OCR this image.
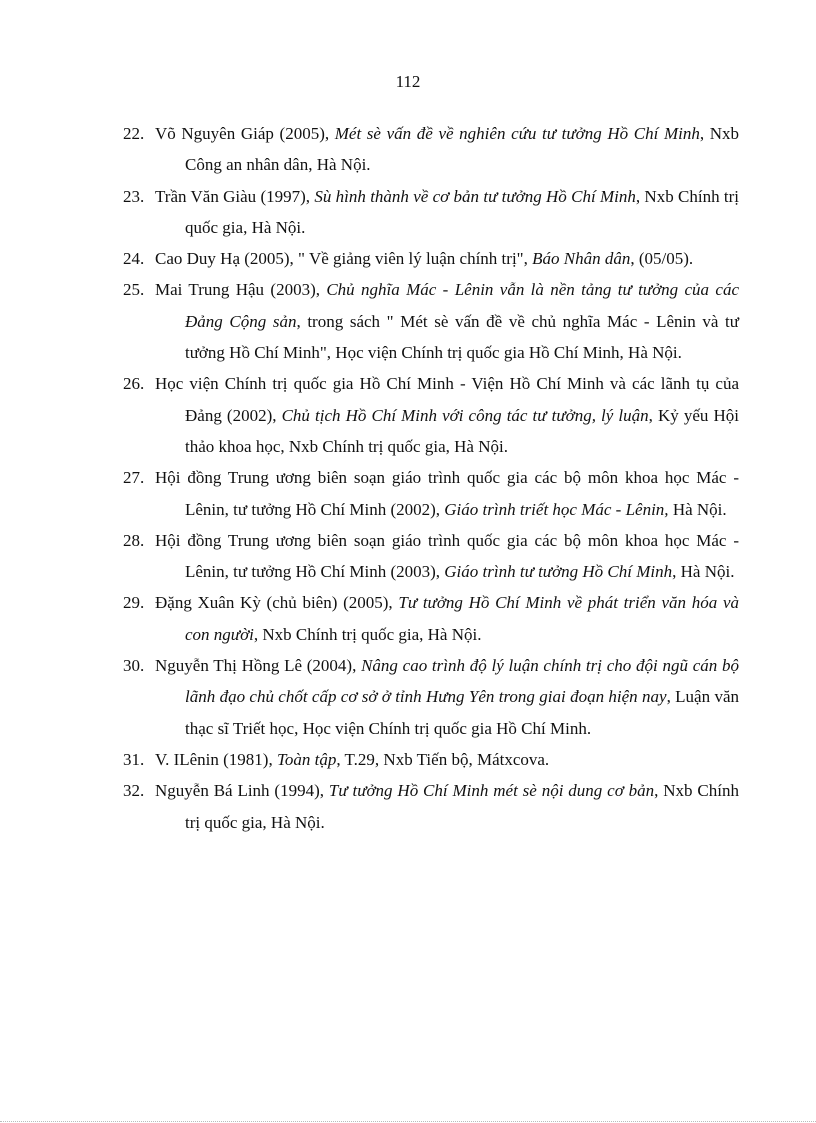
112
22. Võ Nguyên Giáp (2005), Mét sè vấn đề về nghiên cứu tư tưởng Hồ Chí Minh, Nxb Công an nhân dân, Hà Nội.
23. Trần Văn Giàu (1997), Sù hình thành về cơ bản tư tưởng Hồ Chí Minh, Nxb Chính trị quốc gia, Hà Nội.
24. Cao Duy Hạ (2005), " Về giảng viên lý luận chính trị", Báo Nhân dân, (05/05).
25. Mai Trung Hậu (2003), Chủ nghĩa Mác - Lênin vẫn là nền tảng tư tưởng của các Đảng Cộng sản, trong sách " Mét sè vấn đề về chủ nghĩa Mác - Lênin và tư tưởng Hồ Chí Minh", Học viện Chính trị quốc gia Hồ Chí Minh, Hà Nội.
26. Học viện Chính trị quốc gia Hồ Chí Minh - Viện Hồ Chí Minh và các lãnh tụ của Đảng (2002), Chủ tịch Hồ Chí Minh với công tác tư tưởng, lý luận, Kỷ yếu Hội thảo khoa học, Nxb Chính trị quốc gia, Hà Nội.
27. Hội đồng Trung ương biên soạn giáo trình quốc gia các bộ môn khoa học Mác - Lênin, tư tưởng Hồ Chí Minh (2002), Giáo trình triết học Mác - Lênin, Hà Nội.
28. Hội đồng Trung ương biên soạn giáo trình quốc gia các bộ môn khoa học Mác - Lênin, tư tưởng Hồ Chí Minh (2003), Giáo trình tư tưởng Hồ Chí Minh, Hà Nội.
29. Đặng Xuân Kỳ (chủ biên) (2005), Tư tưởng Hồ Chí Minh về phát triển văn hóa và con người, Nxb Chính trị quốc gia, Hà Nội.
30. Nguyễn Thị Hồng Lê (2004), Nâng cao trình độ lý luận chính trị cho đội ngũ cán bộ lãnh đạo chủ chốt cấp cơ sở ở tỉnh Hưng Yên trong giai đoạn hiện nay, Luận văn thạc sĩ Triết học, Học viện Chính trị quốc gia Hồ Chí Minh.
31. V. ILênin (1981), Toàn tập, T.29, Nxb Tiến bộ, Mátxcova.
32. Nguyễn Bá Linh (1994), Tư tưởng Hồ Chí Minh mét sè nội dung cơ bản, Nxb Chính trị quốc gia, Hà Nội.
